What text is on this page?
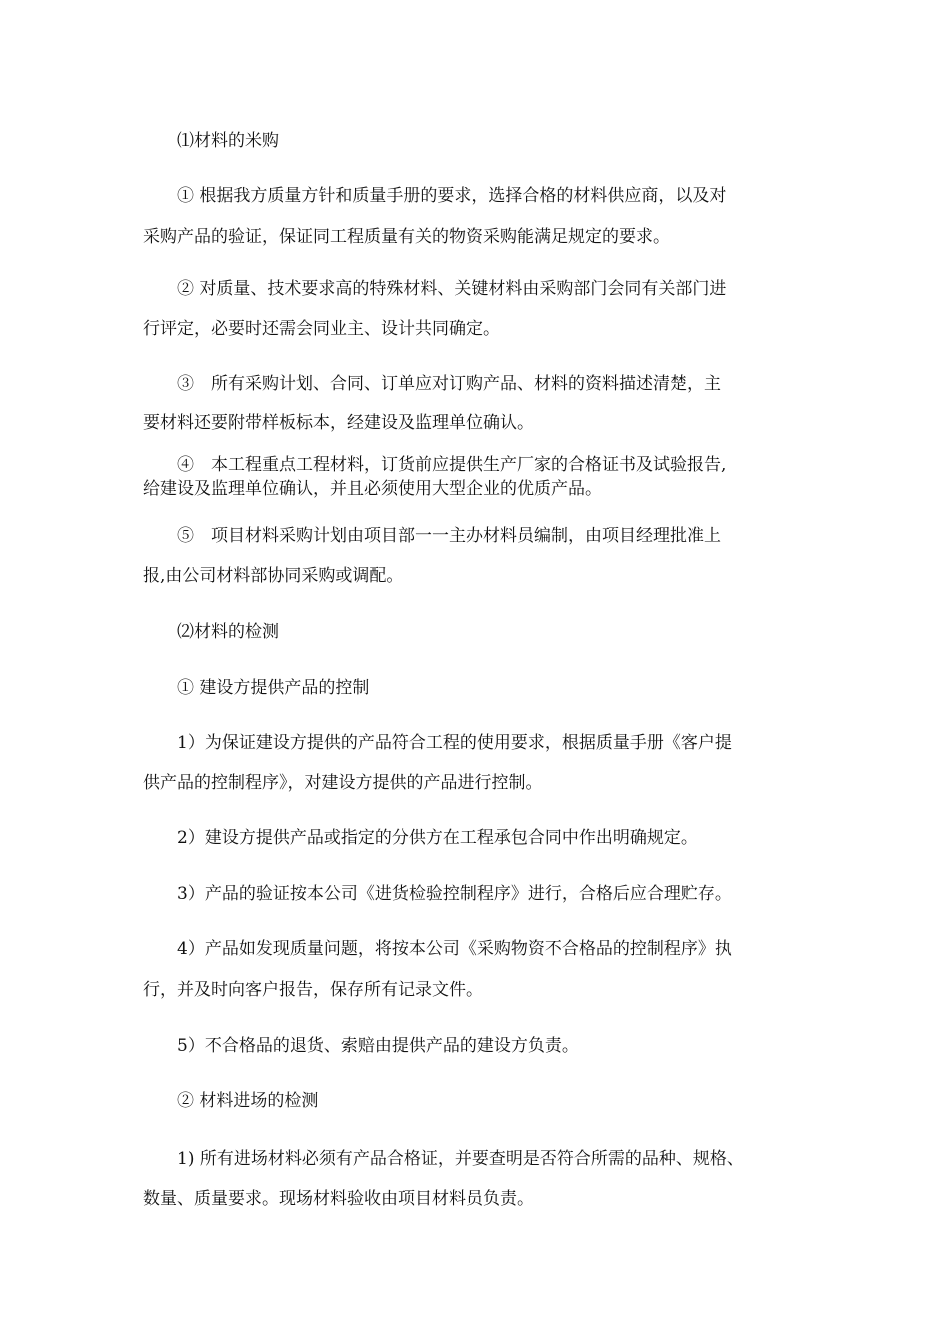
⑴材料的米购
① 根据我方质量方针和质量手册的要求，选择合格的材料供应商，以及对
采购产品的验证，保证同工程质量有关的物资采购能满足规定的要求。
② 对质量、技术要求高的特殊材料、关键材料由采购部门会同有关部门进
行评定，必要时还需会同业主、设计共同确定。
③　所有采购计划、合同、订单应对订购产品、材料的资料描述清楚，主
要材料还要附带样板标本，经建设及监理单位确认。
④　本工程重点工程材料，订货前应提供生产厂家的合格证书及试验报告,
给建设及监理单位确认，并且必须使用大型企业的优质产品。
⑤　项目材料采购计划由项目部一一主办材料员编制，由项目经理批准上
报,由公司材料部协同采购或调配。
⑵材料的检测
① 建设方提供产品的控制
1）为保证建设方提供的产品符合工程的使用要求，根据质量手册《客户提
供产品的控制程序》，对建设方提供的产品进行控制。
2）建设方提供产品或指定的分供方在工程承包合同中作出明确规定。
3）产品的验证按本公司《进货检验控制程序》进行，合格后应合理贮存。
4）产品如发现质量问题，将按本公司《采购物资不合格品的控制程序》执
行，并及时向客户报告，保存所有记录文件。
5）不合格品的退货、索赔由提供产品的建设方负责。
② 材料进场的检测
1) 所有进场材料必须有产品合格证，并要查明是否符合所需的品种、规格、
数量、质量要求。现场材料验收由项目材料员负责。
